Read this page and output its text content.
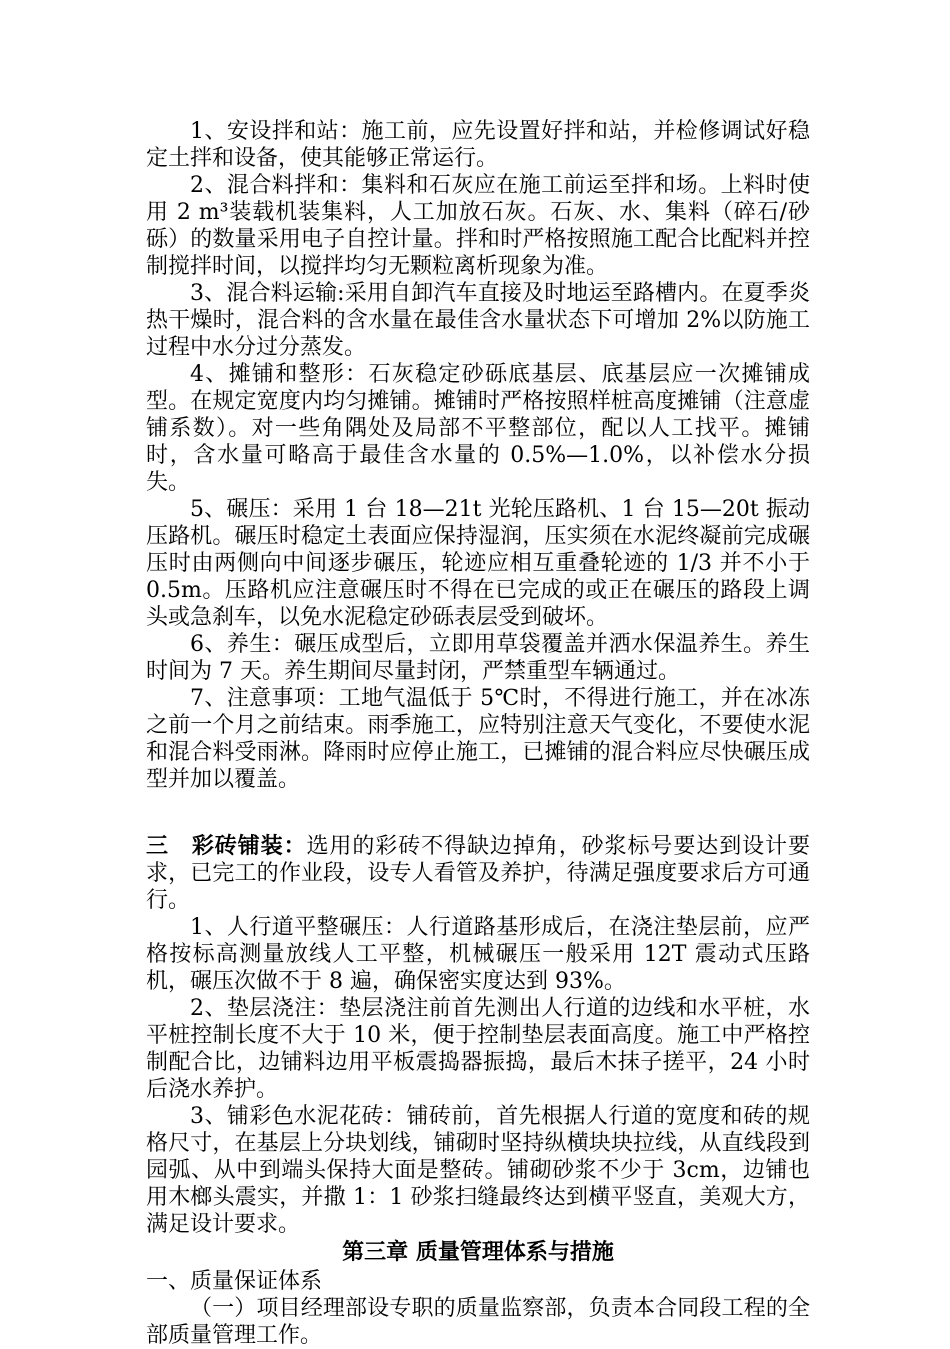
1、安设拌和站：施工前，应先设置好拌和站，并检修调试好稳定土拌和设备，使其能够正常运行。

2、混合料拌和：集料和石灰应在施工前运至拌和场。上料时使用 2 m³装载机装集料，人工加放石灰。石灰、水、集料（碎石/砂砾）的数量采用电子自控计量。拌和时严格按照施工配合比配料并控制搅拌时间，以搅拌均匀无颗粒离析现象为准。

3、混合料运输:采用自卸汽车直接及时地运至路槽内。在夏季炎热干燥时，混合料的含水量在最佳含水量状态下可增加 2%以防施工过程中水分过分蒸发。

4、摊铺和整形：石灰稳定砂砾底基层、底基层应一次摊铺成型。在规定宽度内均匀摊铺。摊铺时严格按照样桩高度摊铺（注意虚铺系数）。对一些角隅处及局部不平整部位，配以人工找平。摊铺时，含水量可略高于最佳含水量的 0.5%—1.0%，以补偿水分损失。

5、碾压：采用 1 台 18—21t 光轮压路机、1 台 15—20t 振动压路机。碾压时稳定土表面应保持湿润，压实须在水泥终凝前完成碾压时由两侧向中间逐步碾压，轮迹应相互重叠轮迹的 1/3 并不小于 0.5m。压路机应注意碾压时不得在已完成的或正在碾压的路段上调头或急刹车，以免水泥稳定砂砾表层受到破坏。

6、养生：碾压成型后，立即用草袋覆盖并洒水保温养生。养生时间为 7 天。养生期间尽量封闭，严禁重型车辆通过。

7、注意事项：工地气温低于 5℃时，不得进行施工，并在冰冻之前一个月之前结束。雨季施工，应特别注意天气变化，不要使水泥和混合料受雨淋。降雨时应停止施工，已摊铺的混合料应尽快碾压成型并加以覆盖。

三　彩砖铺装：选用的彩砖不得缺边掉角，砂浆标号要达到设计要求，已完工的作业段，设专人看管及养护，待满足强度要求后方可通行。

1、人行道平整碾压：人行道路基形成后，在浇注垫层前，应严格按标高测量放线人工平整，机械碾压一般采用 12T 震动式压路机，碾压次做不于 8 遍，确保密实度达到 93%。

2、垫层浇注：垫层浇注前首先测出人行道的边线和水平桩，水平桩控制长度不大于 10 米，便于控制垫层表面高度。施工中严格控制配合比，边铺料边用平板震捣器振捣，最后木抹子搓平，24 小时后浇水养护。

3、铺彩色水泥花砖：铺砖前，首先根据人行道的宽度和砖的规格尺寸，在基层上分块划线，铺砌时坚持纵横块块拉线，从直线段到园弧、从中到端头保持大面是整砖。铺砌砂浆不少于 3cm，边铺也用木榔头震实，并撒 1：1 砂浆扫缝最终达到横平竖直，美观大方，满足设计要求。

第三章 质量管理体系与措施

一、质量保证体系

（一）项目经理部设专职的质量监察部，负责本合同段工程的全部质量管理工作。
